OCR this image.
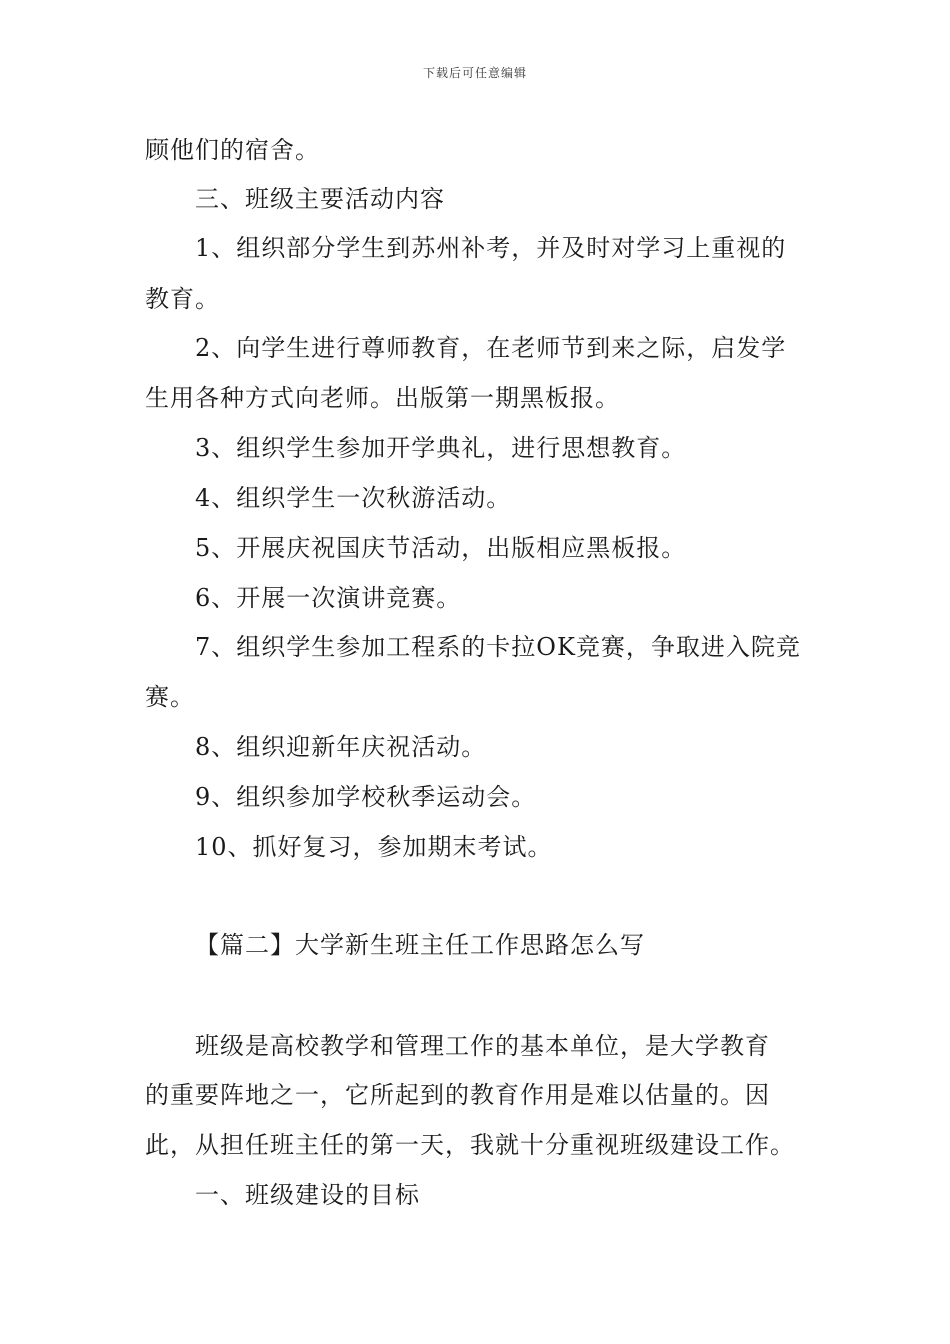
下载后可任意编辑
顾他们的宿舍。
三、班级主要活动内容
1、组织部分学生到苏州补考，并及时对学习上重视的
教育。
2、向学生进行尊师教育，在老师节到来之际，启发学
生用各种方式向老师。出版第一期黑板报。
3、组织学生参加开学典礼，进行思想教育。
4、组织学生一次秋游活动。
5、开展庆祝国庆节活动，出版相应黑板报。
6、开展一次演讲竞赛。
7、组织学生参加工程系的卡拉OK竞赛，争取进入院竞
赛。
8、组织迎新年庆祝活动。
9、组织参加学校秋季运动会。
10、抓好复习，参加期末考试。
【篇二】大学新生班主任工作思路怎么写
班级是高校教学和管理工作的基本单位，是大学教育
的重要阵地之一，它所起到的教育作用是难以估量的。因
此，从担任班主任的第一天，我就十分重视班级建设工作。
一、班级建设的目标
